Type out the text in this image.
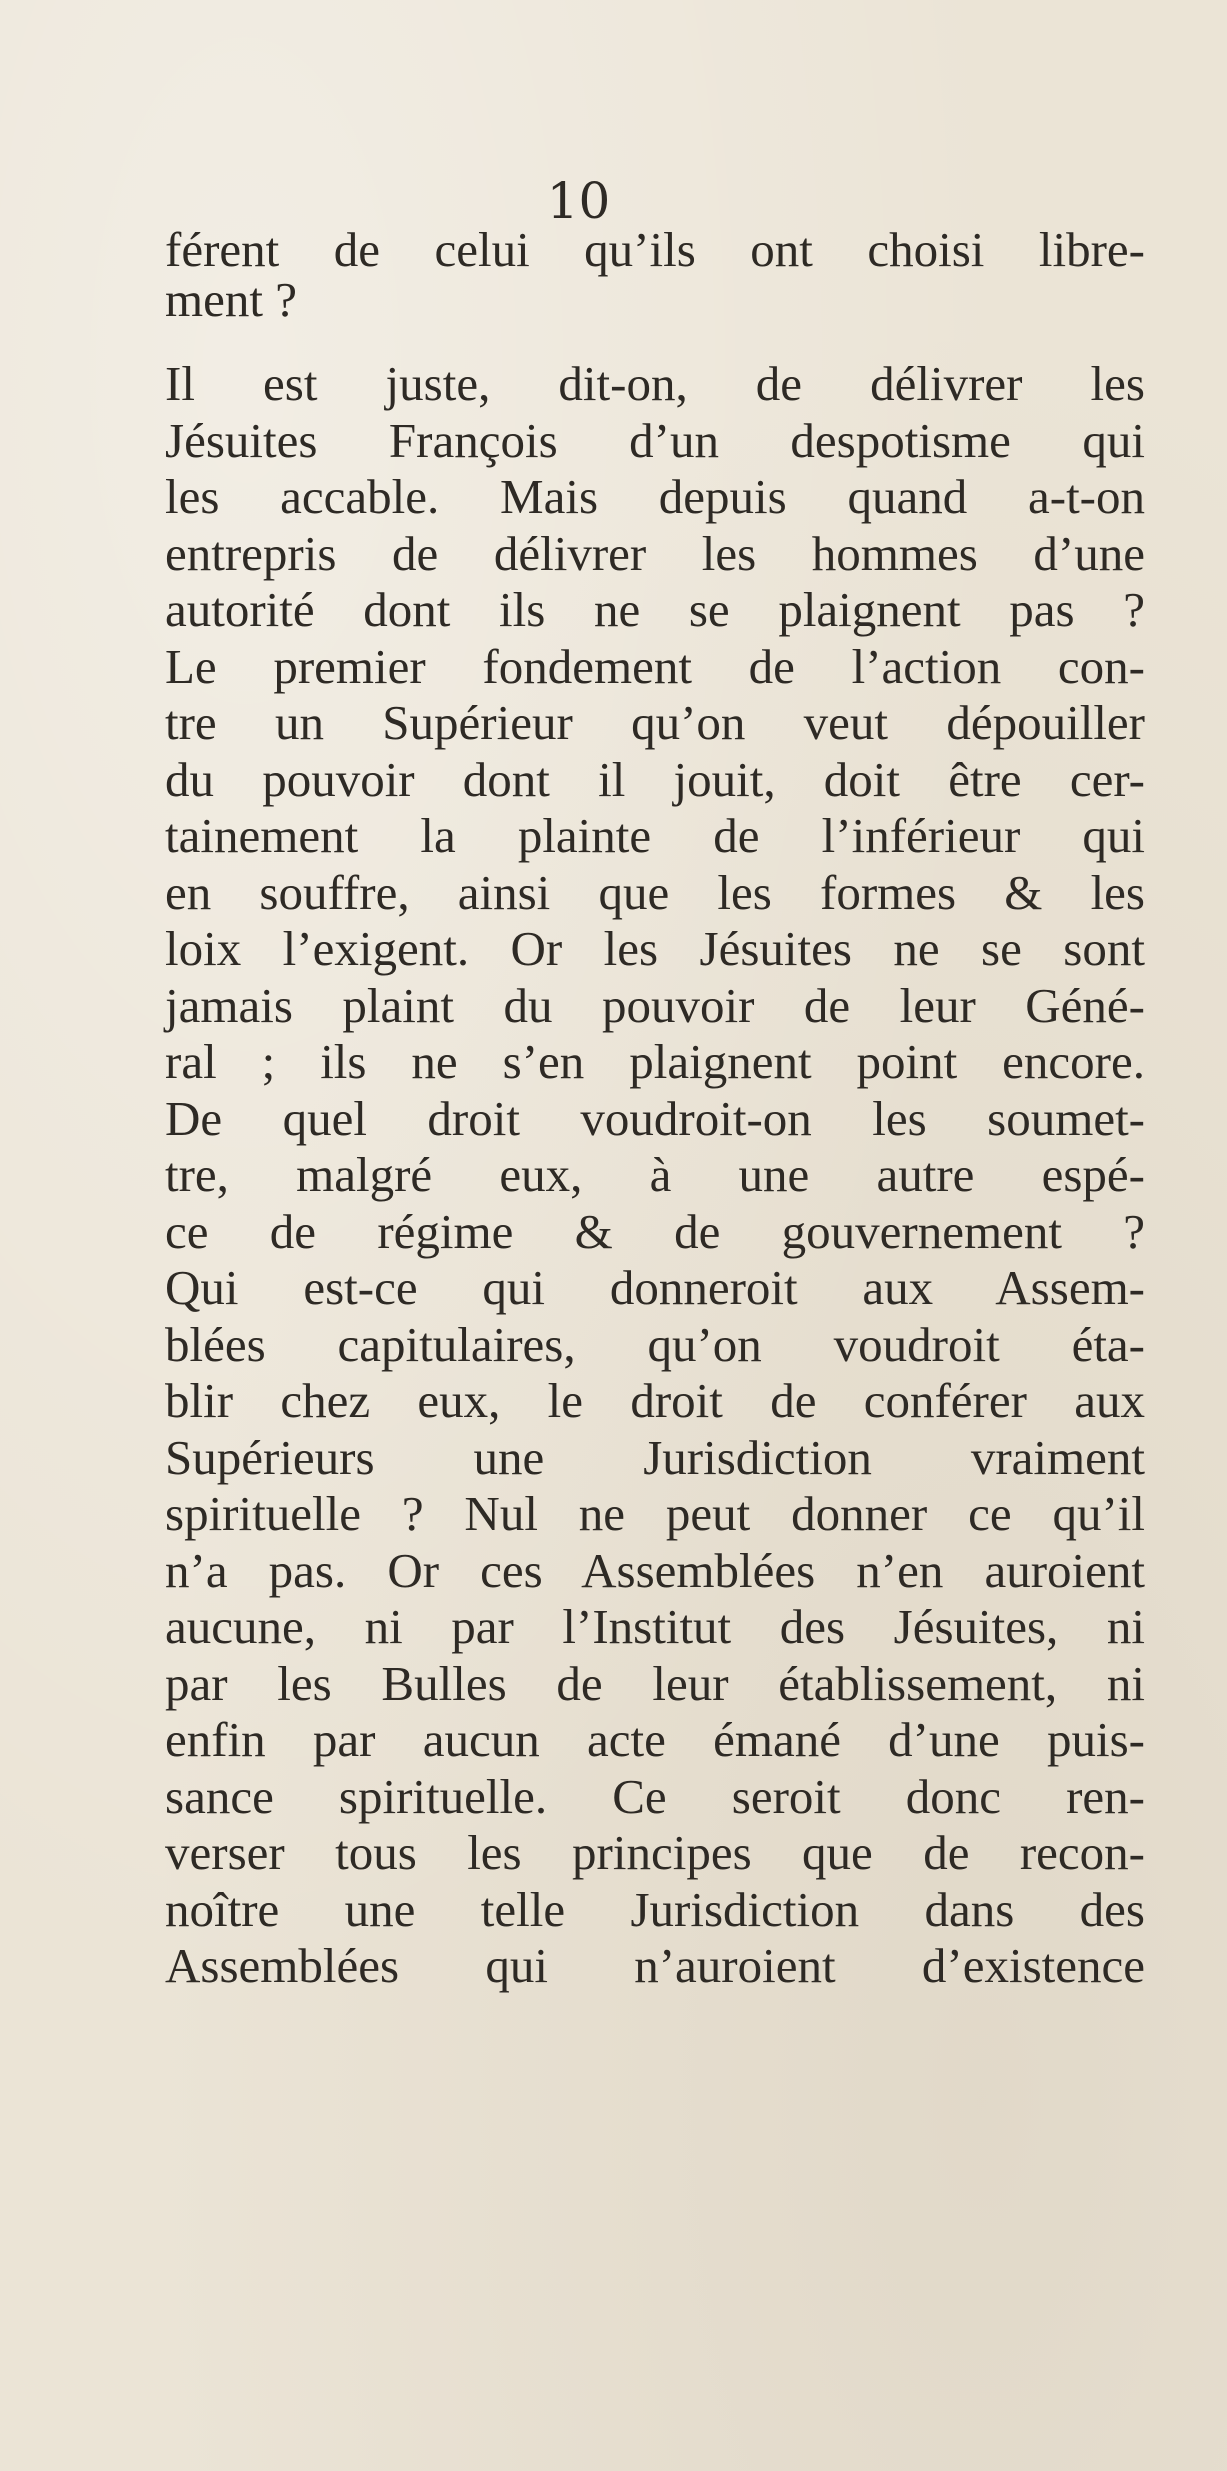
10
férent de celui qu’ils ont choisi libre-
ment ?
Il est juste, dit-on, de délivrer les
Jésuites François d’un despotisme qui
les accable. Mais depuis quand a-t-on
entrepris de délivrer les hommes d’une
autorité dont ils ne se plaignent pas ?
Le premier fondement de l’action con-
tre un Supérieur qu’on veut dépouiller
du pouvoir dont il jouit, doit être cer-
tainement la plainte de l’inférieur qui
en souffre, ainsi que les formes & les
loix l’exigent. Or les Jésuites ne se sont
jamais plaint du pouvoir de leur Géné-
ral ; ils ne s’en plaignent point encore.
De quel droit voudroit-on les soumet-
tre, malgré eux, à une autre espé-
ce de régime & de gouvernement ?
Qui est-ce qui donneroit aux Assem-
blées capitulaires, qu’on voudroit éta-
blir chez eux, le droit de conférer aux
Supérieurs une Jurisdiction vraiment
spirituelle ? Nul ne peut donner ce qu’il
n’a pas. Or ces Assemblées n’en auroient
aucune, ni par l’Institut des Jésuites, ni
par les Bulles de leur établissement, ni
enfin par aucun acte émané d’une puis-
sance spirituelle. Ce seroit donc ren-
verser tous les principes que de recon-
noître une telle Jurisdiction dans des
Assemblées qui n’auroient d’existence
